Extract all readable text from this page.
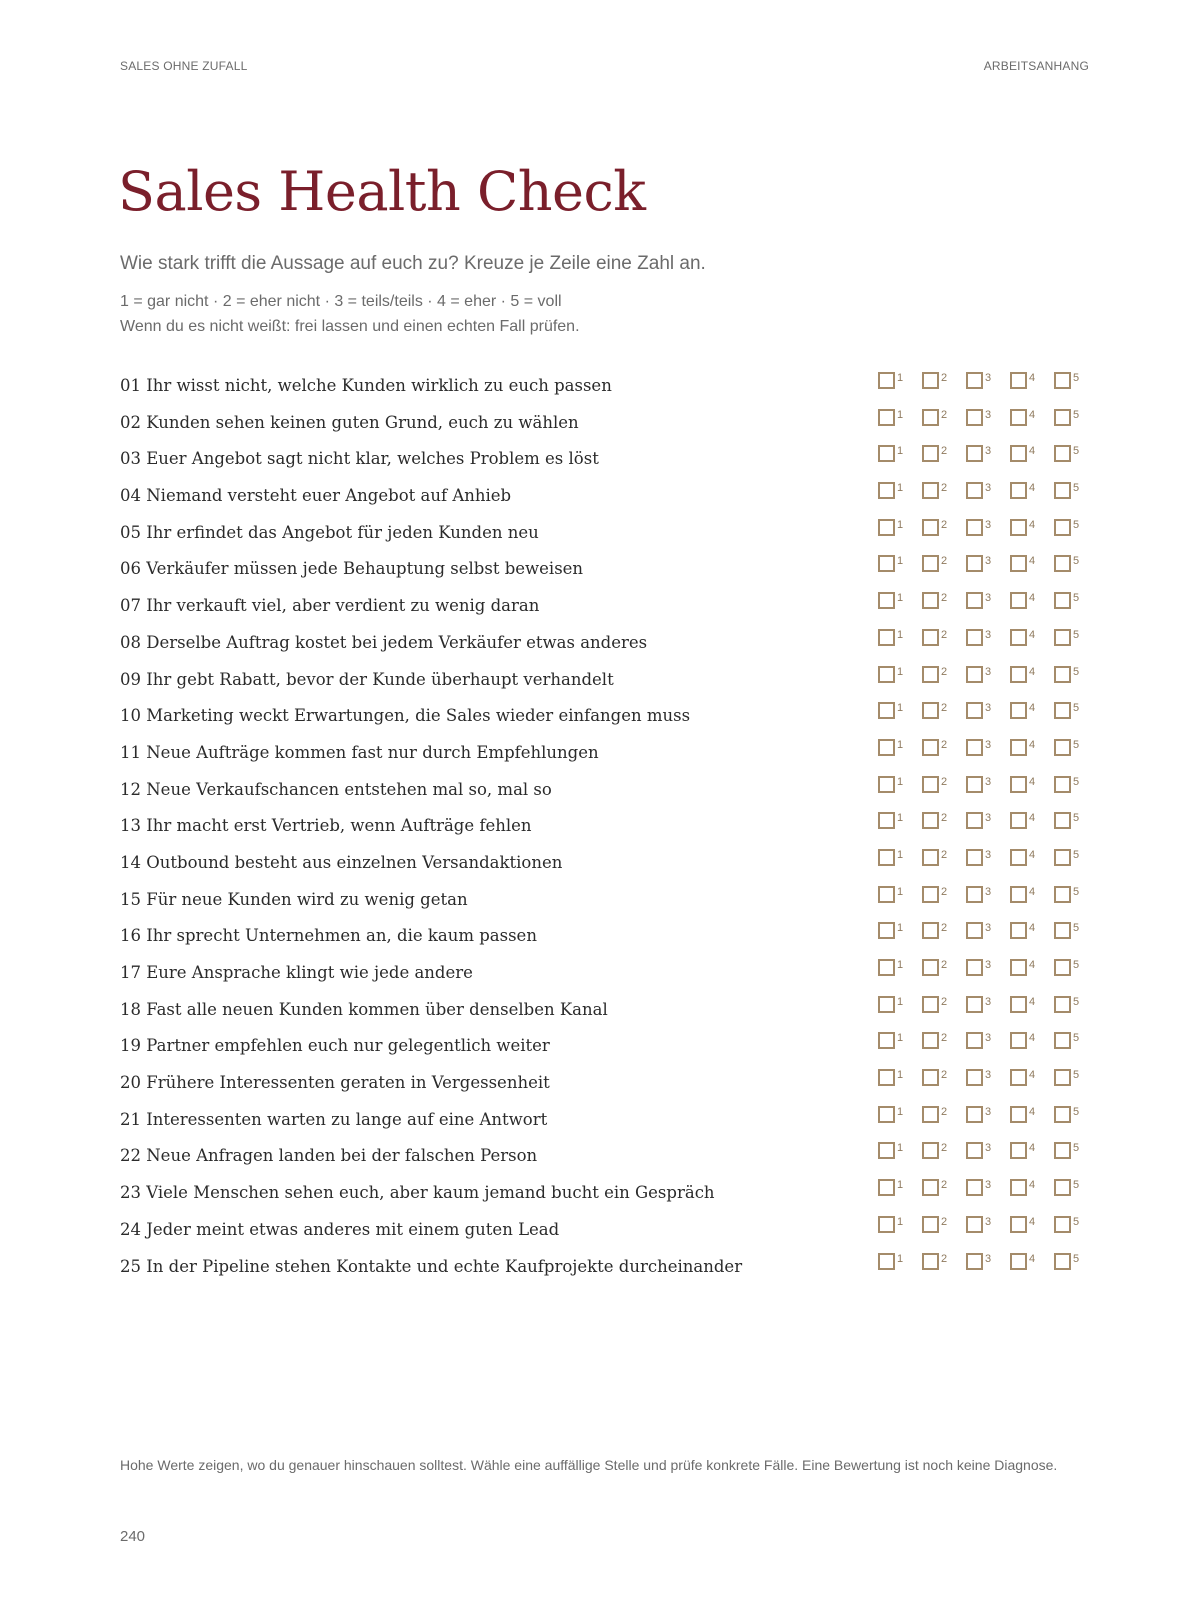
SALES OHNE ZUFALL	ARBEITSANHANG
Sales Health Check
Wie stark trifft die Aussage auf euch zu? Kreuze je Zeile eine Zahl an.
1 = gar nicht · 2 = eher nicht · 3 = teils/teils · 4 = eher · 5 = voll
Wenn du es nicht weißt: frei lassen und einen echten Fall prüfen.
01 Ihr wisst nicht, welche Kunden wirklich zu euch passen	1	2	3	4	5
02 Kunden sehen keinen guten Grund, euch zu wählen	1	2	3	4	5
03 Euer Angebot sagt nicht klar, welches Problem es löst	1	2	3	4	5
04 Niemand versteht euer Angebot auf Anhieb	1	2	3	4	5
05 Ihr erfindet das Angebot für jeden Kunden neu	1	2	3	4	5
06 Verkäufer müssen jede Behauptung selbst beweisen	1	2	3	4	5
07 Ihr verkauft viel, aber verdient zu wenig daran	1	2	3	4	5
08 Derselbe Auftrag kostet bei jedem Verkäufer etwas anderes	1	2	3	4	5
09 Ihr gebt Rabatt, bevor der Kunde überhaupt verhandelt	1	2	3	4	5
10 Marketing weckt Erwartungen, die Sales wieder einfangen muss	1	2	3	4	5
11 Neue Aufträge kommen fast nur durch Empfehlungen	1	2	3	4	5
12 Neue Verkaufschancen entstehen mal so, mal so	1	2	3	4	5
13 Ihr macht erst Vertrieb, wenn Aufträge fehlen	1	2	3	4	5
14 Outbound besteht aus einzelnen Versandaktionen	1	2	3	4	5
15 Für neue Kunden wird zu wenig getan	1	2	3	4	5
16 Ihr sprecht Unternehmen an, die kaum passen	1	2	3	4	5
17 Eure Ansprache klingt wie jede andere	1	2	3	4	5
18 Fast alle neuen Kunden kommen über denselben Kanal	1	2	3	4	5
19 Partner empfehlen euch nur gelegentlich weiter	1	2	3	4	5
20 Frühere Interessenten geraten in Vergessenheit	1	2	3	4	5
21 Interessenten warten zu lange auf eine Antwort	1	2	3	4	5
22 Neue Anfragen landen bei der falschen Person	1	2	3	4	5
23 Viele Menschen sehen euch, aber kaum jemand bucht ein Gespräch	1	2	3	4	5
24 Jeder meint etwas anderes mit einem guten Lead	1	2	3	4	5
25 In der Pipeline stehen Kontakte und echte Kaufprojekte durcheinander	1	2	3	4	5
Hohe Werte zeigen, wo du genauer hinschauen solltest. Wähle eine auffällige Stelle und prüfe konkrete Fälle. Eine Bewertung ist noch keine Diagnose.
240
